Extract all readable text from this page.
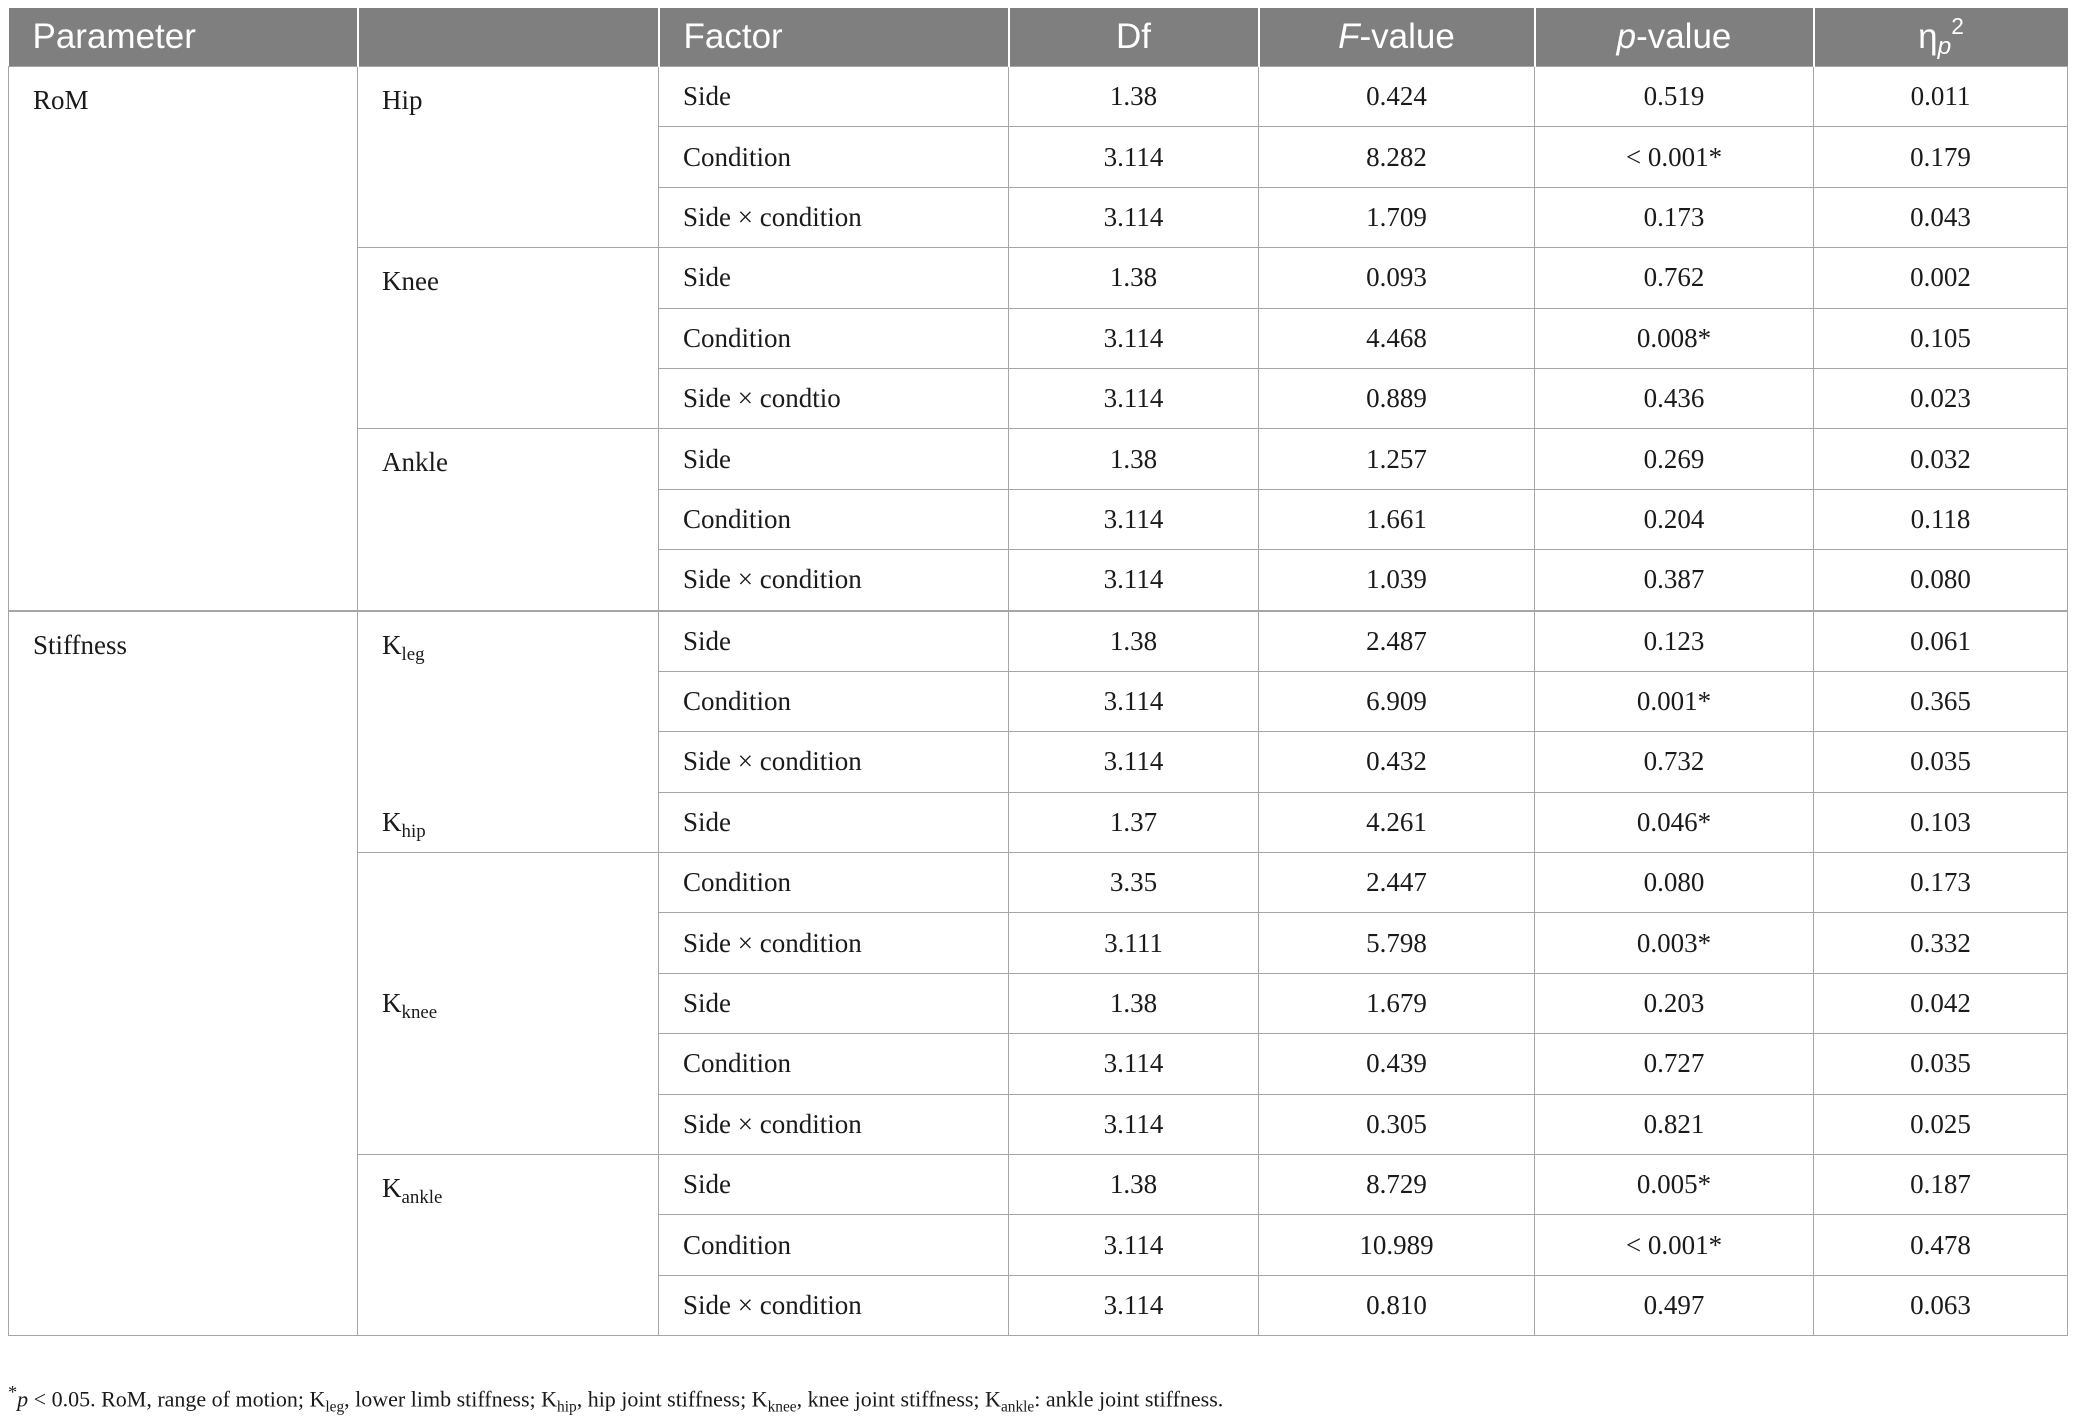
Parameter		Factor	Df	F-value	p-value	$\eta_p^2$
RoM	Hip	Side	1.38	0.424	0.519	0.011
		Condition	3.114	8.282	< 0.001*	0.179
		Side × condition	3.114	1.709	0.173	0.043
	Knee	Side	1.38	0.093	0.762	0.002
		Condition	3.114	4.468	0.008*	0.105
		Side × condtio	3.114	0.889	0.436	0.023
	Ankle	Side	1.38	1.257	0.269	0.032
		Condition	3.114	1.661	0.204	0.118
		Side × condition	3.114	1.039	0.387	0.080
Stiffness	$K_{leg}$	Side	1.38	2.487	0.123	0.061
		Condition	3.114	6.909	0.001*	0.365
		Side × condition	3.114	0.432	0.732	0.035
	$K_{hip}$	Side	1.37	4.261	0.046*	0.103
	$K_{knee}$	Condition	3.35	2.447	0.080	0.173
		Side × condition	3.111	5.798	0.003*	0.332
		Side	1.38	1.679	0.203	0.042
		Condition	3.114	0.439	0.727	0.035
		Side × condition	3.114	0.305	0.821	0.025
	$K_{ankle}$	Side	1.38	8.729	0.005*	0.187
		Condition	3.114	10.989	< 0.001*	0.478
		Side × condition	3.114	0.810	0.497	0.063
*p < 0.05. RoM, range of motion; $K_{leg}$, lower limb stiffness; $K_{hip}$, hip joint stiffness; $K_{knee}$, knee joint stiffness; $K_{ankle}$: ankle joint stiffness.
